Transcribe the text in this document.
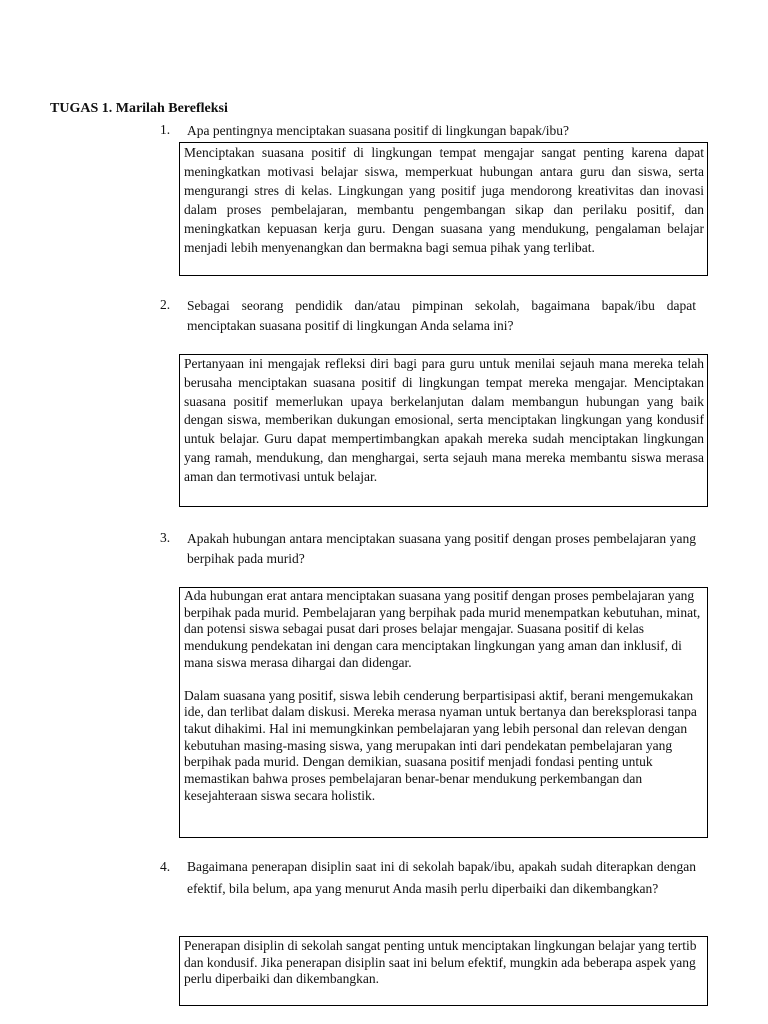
TUGAS 1. Marilah Berefleksi
1. Apa pentingnya menciptakan suasana positif di lingkungan bapak/ibu?

Menciptakan suasana positif di lingkungan tempat mengajar sangat penting karena dapat meningkatkan motivasi belajar siswa, memperkuat hubungan antara guru dan siswa, serta mengurangi stres di kelas. Lingkungan yang positif juga mendorong kreativitas dan inovasi dalam proses pembelajaran, membantu pengembangan sikap dan perilaku positif, dan meningkatkan kepuasan kerja guru. Dengan suasana yang mendukung, pengalaman belajar menjadi lebih menyenangkan dan bermakna bagi semua pihak yang terlibat.

2. Sebagai seorang pendidik dan/atau pimpinan sekolah, bagaimana bapak/ibu dapat menciptakan suasana positif di lingkungan Anda selama ini?

Pertanyaan ini mengajak refleksi diri bagi para guru untuk menilai sejauh mana mereka telah berusaha menciptakan suasana positif di lingkungan tempat mereka mengajar. Menciptakan suasana positif memerlukan upaya berkelanjutan dalam membangun hubungan yang baik dengan siswa, memberikan dukungan emosional, serta menciptakan lingkungan yang kondusif untuk belajar. Guru dapat mempertimbangkan apakah mereka sudah menciptakan lingkungan yang ramah, mendukung, dan menghargai, serta sejauh mana mereka membantu siswa merasa aman dan termotivasi untuk belajar.

3. Apakah hubungan antara menciptakan suasana yang positif dengan proses pembelajaran yang berpihak pada murid?

Ada hubungan erat antara menciptakan suasana yang positif dengan proses pembelajaran yang berpihak pada murid. Pembelajaran yang berpihak pada murid menempatkan kebutuhan, minat, dan potensi siswa sebagai pusat dari proses belajar mengajar. Suasana positif di kelas mendukung pendekatan ini dengan cara menciptakan lingkungan yang aman dan inklusif, di mana siswa merasa dihargai dan didengar.

Dalam suasana yang positif, siswa lebih cenderung berpartisipasi aktif, berani mengemukakan ide, dan terlibat dalam diskusi. Mereka merasa nyaman untuk bertanya dan bereksplorasi tanpa takut dihakimi. Hal ini memungkinkan pembelajaran yang lebih personal dan relevan dengan kebutuhan masing-masing siswa, yang merupakan inti dari pendekatan pembelajaran yang berpihak pada murid. Dengan demikian, suasana positif menjadi fondasi penting untuk memastikan bahwa proses pembelajaran benar-benar mendukung perkembangan dan kesejahteraan siswa secara holistik.

4. Bagaimana penerapan disiplin saat ini di sekolah bapak/ibu, apakah sudah diterapkan dengan efektif, bila belum, apa yang menurut Anda masih perlu diperbaiki dan dikembangkan?

Penerapan disiplin di sekolah sangat penting untuk menciptakan lingkungan belajar yang tertib dan kondusif. Jika penerapan disiplin saat ini belum efektif, mungkin ada beberapa aspek yang perlu diperbaiki dan dikembangkan.
